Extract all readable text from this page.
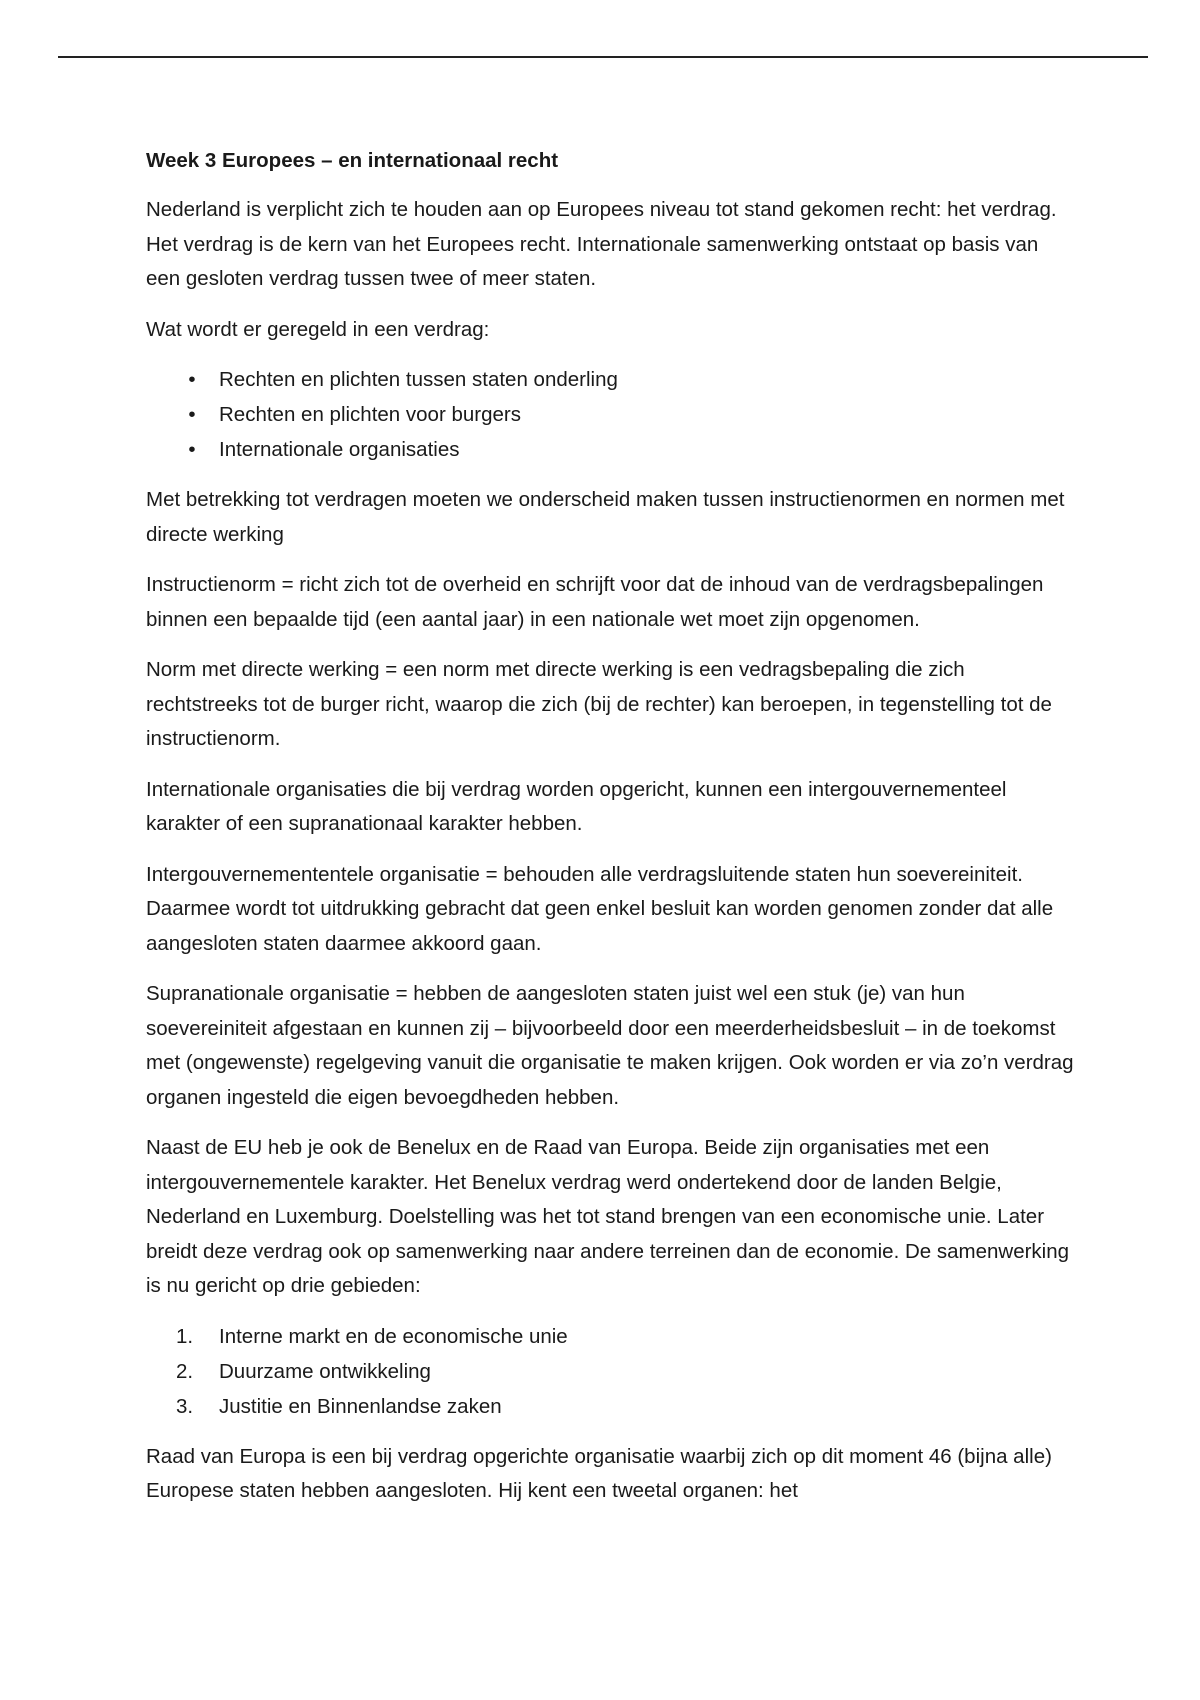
Week 3 Europees – en internationaal recht

Nederland is verplicht zich te houden aan op Europees niveau tot stand gekomen recht: het verdrag. Het verdrag is de kern van het Europees recht. Internationale samenwerking ontstaat op basis van een gesloten verdrag tussen twee of meer staten.

Wat wordt er geregeld in een verdrag:

•	Rechten en plichten tussen staten onderling
•	Rechten en plichten voor burgers
•	Internationale organisaties

Met betrekking tot verdragen moeten we onderscheid maken tussen instructienormen en normen met directe werking

Instructienorm = richt zich tot de overheid en schrijft voor dat de inhoud van de verdragsbepalingen binnen een bepaalde tijd (een aantal jaar) in een nationale wet moet zijn opgenomen.

Norm met directe werking = een norm met directe werking is een vedragsbepaling die zich rechtstreeks tot de burger richt, waarop die zich (bij de rechter) kan beroepen, in tegenstelling tot de instructienorm.

Internationale organisaties die bij verdrag worden opgericht, kunnen een intergouvernementeel karakter of een supranationaal karakter hebben.

Intergouvernemententele organisatie = behouden alle verdragsluitende staten hun soevereiniteit. Daarmee wordt tot uitdrukking gebracht dat geen enkel besluit kan worden genomen zonder dat alle aangesloten staten daarmee akkoord gaan.

Supranationale organisatie = hebben de aangesloten staten juist wel een stuk (je) van hun soevereiniteit afgestaan en kunnen zij – bijvoorbeeld door een meerderheidsbesluit – in de toekomst met (ongewenste) regelgeving vanuit die organisatie te maken krijgen. Ook worden er via zo’n verdrag organen ingesteld die eigen bevoegdheden hebben.

Naast de EU heb je ook de Benelux en de Raad van Europa. Beide zijn organisaties met een intergouvernementele karakter. Het Benelux verdrag werd ondertekend door de landen Belgie, Nederland en Luxemburg. Doelstelling was het tot stand brengen van een economische unie. Later breidt deze verdrag ook op samenwerking naar andere terreinen dan de economie. De samenwerking is nu gericht op drie gebieden:

1.	Interne markt en de economische unie
2.	Duurzame ontwikkeling
3.	Justitie en Binnenlandse zaken

Raad van Europa is een bij verdrag opgerichte organisatie waarbij zich op dit moment 46 (bijna alle) Europese staten hebben aangesloten. Hij kent een tweetal organen: het
